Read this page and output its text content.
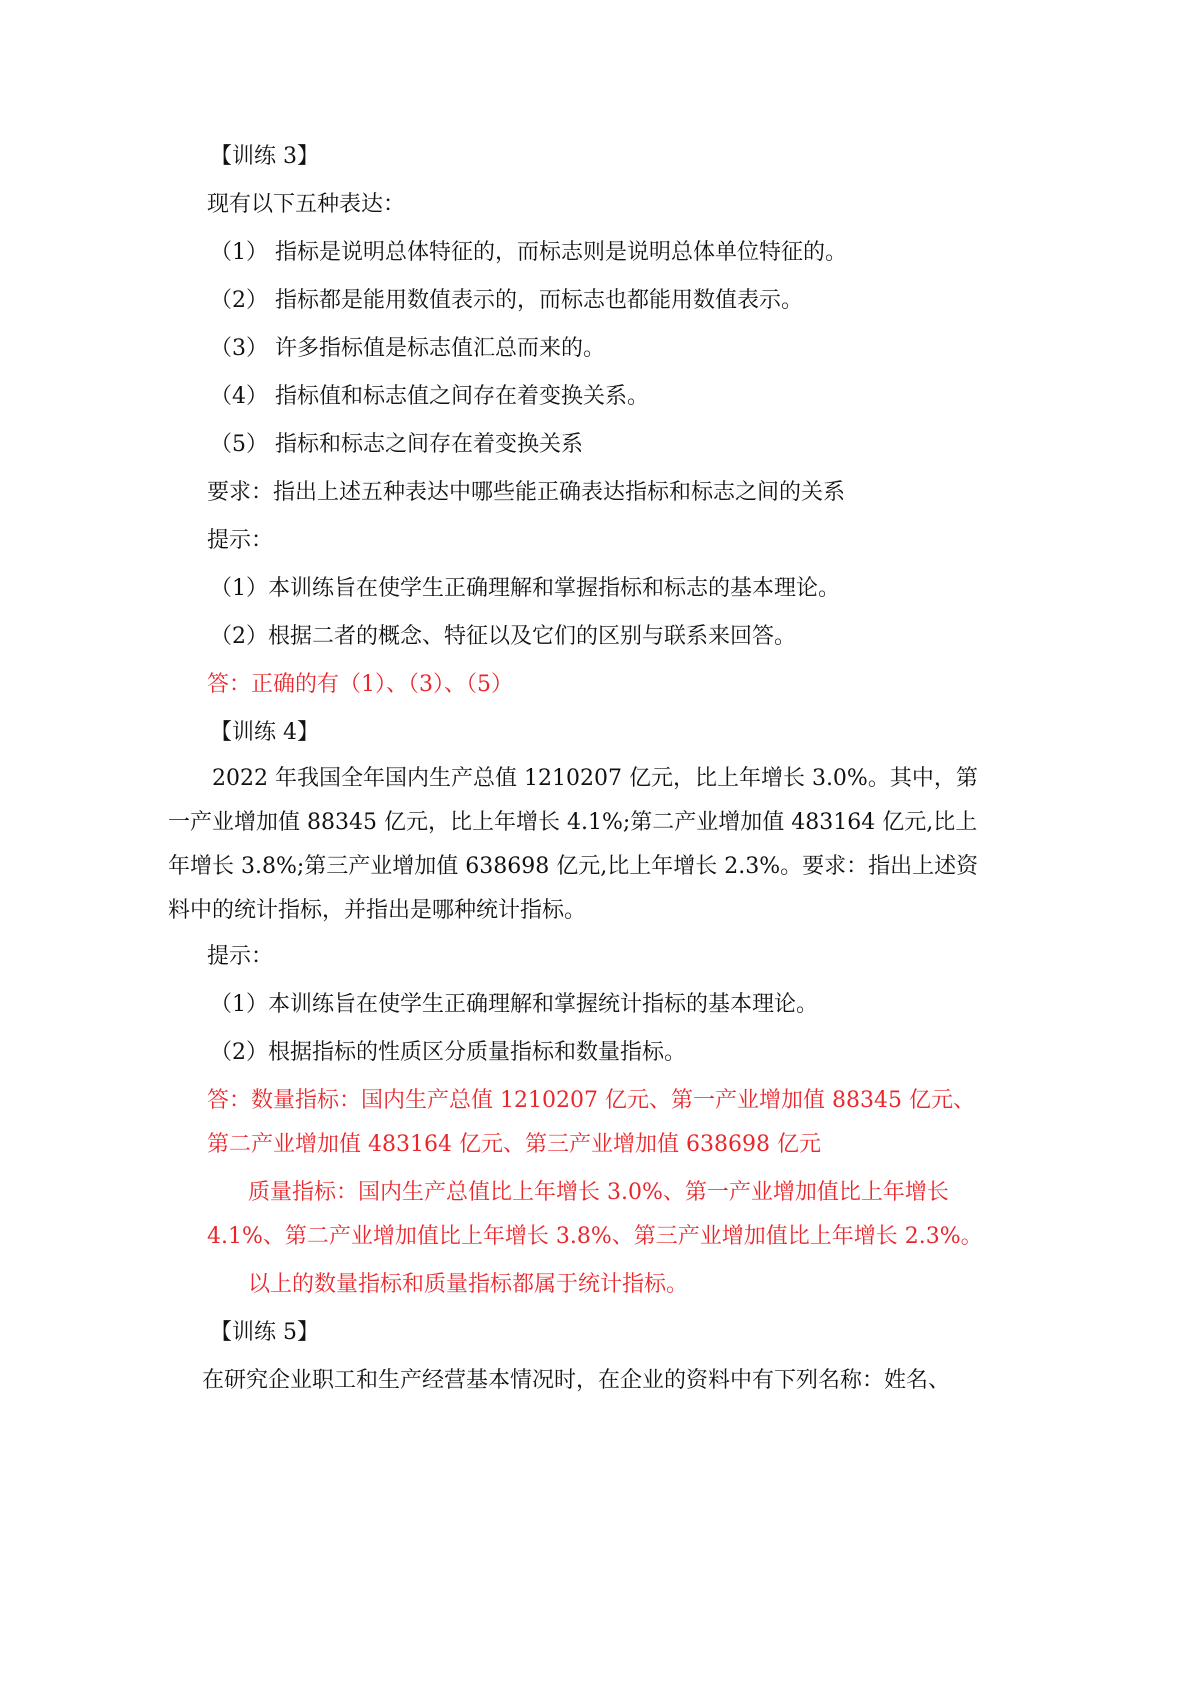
【训练 3】
现有以下五种表达：
（1） 指标是说明总体特征的，而标志则是说明总体单位特征的。
（2） 指标都是能用数值表示的，而标志也都能用数值表示。
（3） 许多指标值是标志值汇总而来的。
（4） 指标值和标志值之间存在着变换关系。
（5） 指标和标志之间存在着变换关系
要求：指出上述五种表达中哪些能正确表达指标和标志之间的关系
提示：
（1）本训练旨在使学生正确理解和掌握指标和标志的基本理论。
（2）根据二者的概念、特征以及它们的区别与联系来回答。
答：正确的有（1）、（3）、（5）
【训练 4】
2022 年我国全年国内生产总值 1210207 亿元，比上年增长 3.0%。其中，第
一产业增加值 88345 亿元，比上年增长 4.1%;第二产业增加值 483164 亿元,比上
年增长 3.8%;第三产业增加值 638698 亿元,比上年增长 2.3%。要求：指出上述资
料中的统计指标，并指出是哪种统计指标。
提示：
（1）本训练旨在使学生正确理解和掌握统计指标的基本理论。
（2）根据指标的性质区分质量指标和数量指标。
答：数量指标：国内生产总值 1210207 亿元、第一产业增加值 88345 亿元、
第二产业增加值 483164 亿元、第三产业增加值 638698 亿元
质量指标：国内生产总值比上年增长 3.0%、第一产业增加值比上年增长
4.1%、第二产业增加值比上年增长 3.8%、第三产业增加值比上年增长 2.3%。
以上的数量指标和质量指标都属于统计指标。
【训练 5】
在研究企业职工和生产经营基本情况时，在企业的资料中有下列名称：姓名、
